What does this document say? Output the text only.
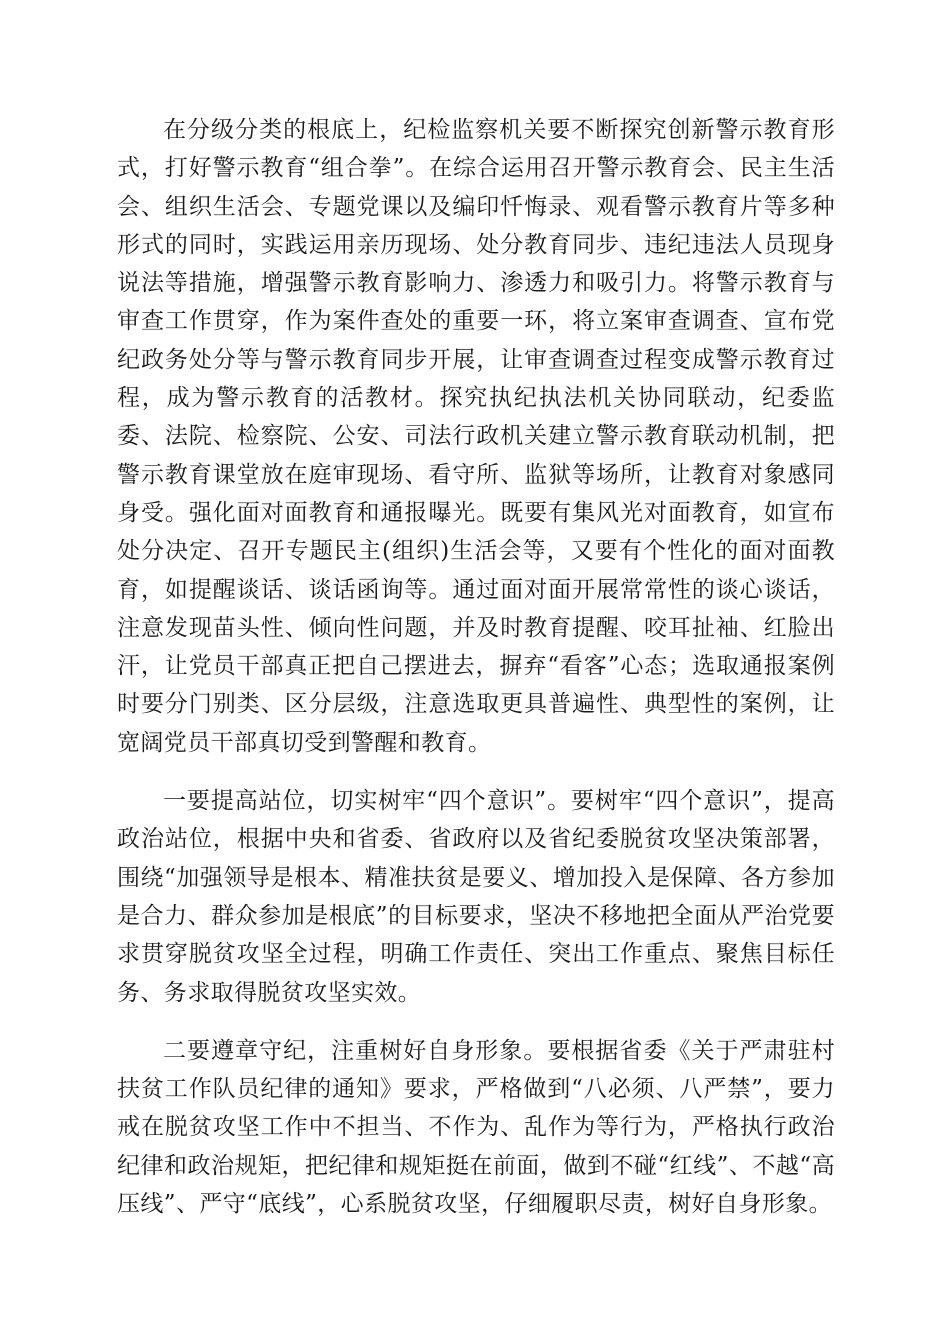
在分级分类的根底上，纪检监察机关要不断探究创新警示教育形式，打好警示教育“组合拳”。在综合运用召开警示教育会、民主生活会、组织生活会、专题党课以及编印忏悔录、观看警示教育片等多种形式的同时，实践运用亲历现场、处分教育同步、违纪违法人员现身说法等措施，增强警示教育影响力、渗透力和吸引力。将警示教育与审查工作贯穿，作为案件查处的重要一环，将立案审查调查、宣布党纪政务处分等与警示教育同步开展，让审查调查过程变成警示教育过程，成为警示教育的活教材。探究执纪执法机关协同联动，纪委监委、法院、检察院、公安、司法行政机关建立警示教育联动机制，把警示教育课堂放在庭审现场、看守所、监狱等场所，让教育对象感同身受。强化面对面教育和通报曝光。既要有集风光对面教育，如宣布处分决定、召开专题民主(组织)生活会等，又要有个性化的面对面教育，如提醒谈话、谈话函询等。通过面对面开展常常性的谈心谈话，注意发现苗头性、倾向性问题，并及时教育提醒、咬耳扯袖、红脸出汗，让党员干部真正把自己摆进去，摒弃“看客”心态；选取通报案例时要分门别类、区分层级，注意选取更具普遍性、典型性的案例，让宽阔党员干部真切受到警醒和教育。

一要提高站位，切实树牢“四个意识”。要树牢“四个意识”，提高政治站位，根据中央和省委、省政府以及省纪委脱贫攻坚决策部署，围绕“加强领导是根本、精准扶贫是要义、增加投入是保障、各方参加是合力、群众参加是根底”的目标要求，坚决不移地把全面从严治党要求贯穿脱贫攻坚全过程，明确工作责任、突出工作重点、聚焦目标任务、务求取得脱贫攻坚实效。

二要遵章守纪，注重树好自身形象。要根据省委《关于严肃驻村扶贫工作队员纪律的通知》要求，严格做到“八必须、八严禁”，要力戒在脱贫攻坚工作中不担当、不作为、乱作为等行为，严格执行政治纪律和政治规矩，把纪律和规矩挺在前面，做到不碰“红线”、不越“高压线”、严守“底线”，心系脱贫攻坚，仔细履职尽责，树好自身形象。
